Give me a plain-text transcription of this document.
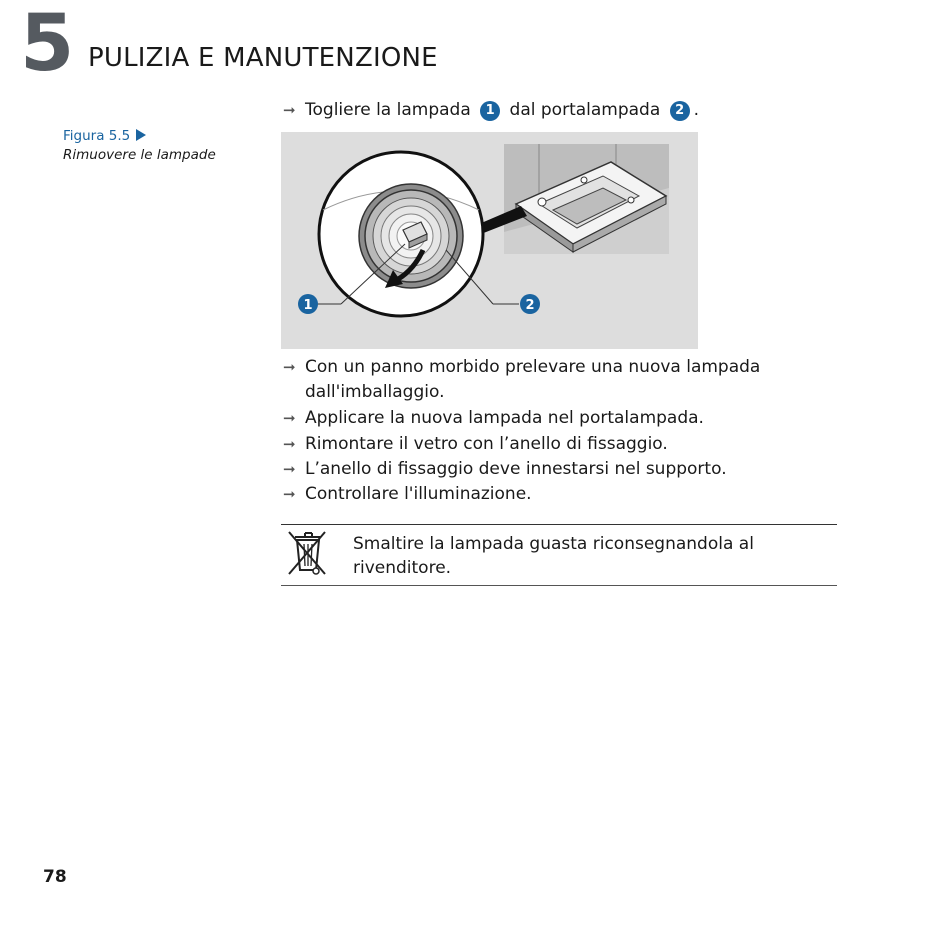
5 PULIZIA E MANUTENZIONE
Figura 5.5
Rimuovere le lampade
➞ Togliere la lampada 1 dal portalampada 2 .
1	2
➞ Con un panno morbido prelevare una nuova lampada dall'imballaggio.
➞ Applicare la nuova lampada nel portalampada.
➞ Rimontare il vetro con l’anello di fissaggio.
➞ L’anello di fissaggio deve innestarsi nel supporto.
➞ Controllare l'illuminazione.
Smaltire la lampada guasta riconsegnandola al rivenditore.
78
